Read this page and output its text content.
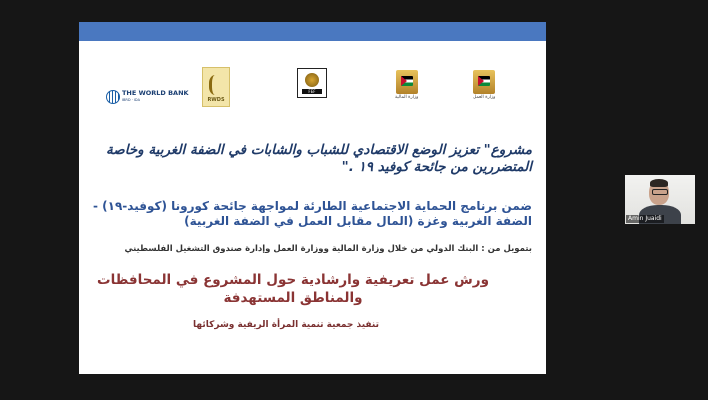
وزارة العمل
وزارة المالية
FEF
RWDS
THE WORLD BANK
IBRD · IDA

مشروع" تعزيز الوضع الاقتصادي للشباب والشابات في الضفة الغربية وخاصة المتضررين من جائحة كوفيد ١٩ ."

ضمن برنامج الحماية الاجتماعية الطارئة لمواجهة جائحة كورونا (كوفيد-١٩) - الضفة الغربية وغزة (المال مقابل العمل في الضفة الغربية)

بتمويل من : البنك الدولي من خلال وزارة المالية ووزارة العمل وإدارة صندوق التشغيل الفلسطيني

ورش عمل تعريفية وارشادية حول المشروع في المحافظات والمناطق المستهدفة

تنفيذ جمعية تنمية المرأة الريفية وشركائها

Amin Juaidi
